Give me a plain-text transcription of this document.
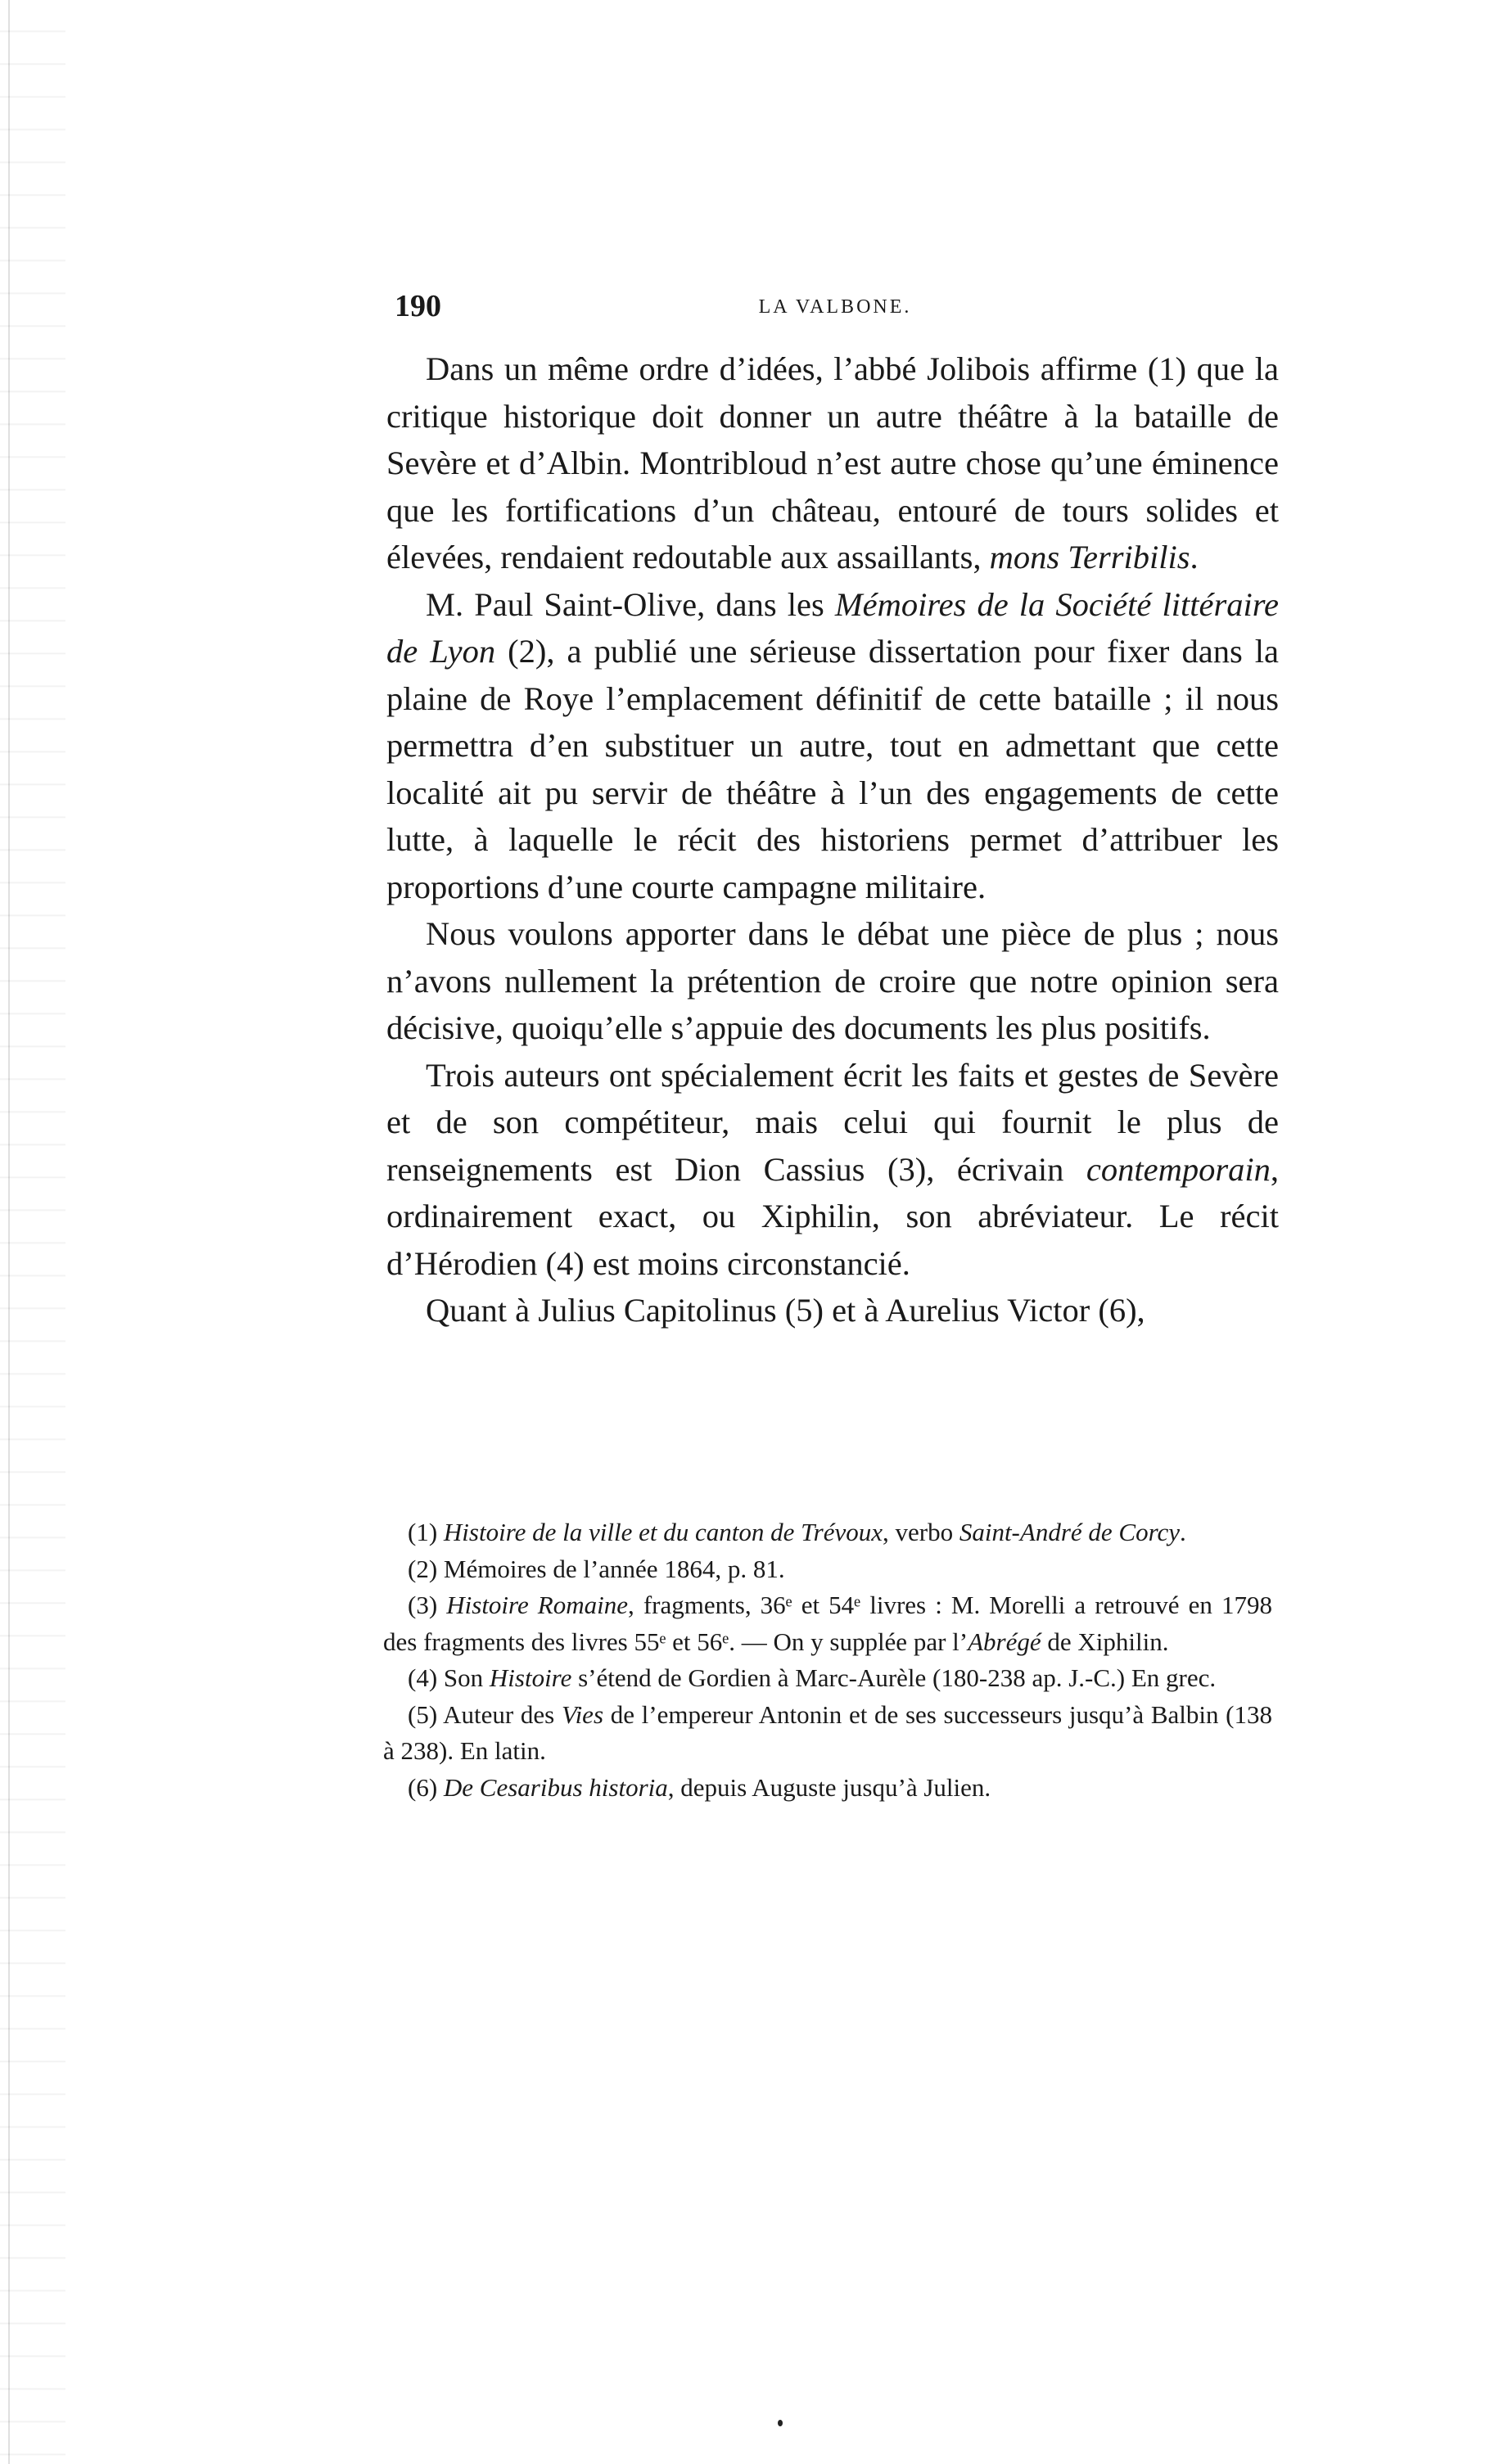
190	LA VALBONE.

Dans un même ordre d’idées, l’abbé Jolibois affirme (1) que la critique historique doit donner un autre théâtre à la bataille de Sevère et d’Albin. Montribloud n’est autre chose qu’une éminence que les fortifications d’un château, entouré de tours solides et élevées, rendaient redoutable aux assaillants, mons Terribilis.

M. Paul Saint-Olive, dans les Mémoires de la Société littéraire de Lyon (2), a publié une sérieuse dissertation pour fixer dans la plaine de Roye l’emplacement définitif de cette bataille ; il nous permettra d’en substituer un autre, tout en admettant que cette localité ait pu servir de théâtre à l’un des engagements de cette lutte, à laquelle le récit des historiens permet d’attribuer les proportions d’une courte campagne militaire.

Nous voulons apporter dans le débat une pièce de plus ; nous n’avons nullement la prétention de croire que notre opinion sera décisive, quoiqu’elle s’appuie des documents les plus positifs.

Trois auteurs ont spécialement écrit les faits et gestes de Sevère et de son compétiteur, mais celui qui fournit le plus de renseignements est Dion Cassius (3), écrivain contemporain, ordinairement exact, ou Xiphilin, son abréviateur. Le récit d’Hérodien (4) est moins circonstancié.

Quant à Julius Capitolinus (5) et à Aurelius Victor (6),

(1) Histoire de la ville et du canton de Trévoux, verbo Saint-André de Corcy.

(2) Mémoires de l’année 1864, p. 81.

(3) Histoire Romaine, fragments, 36ᵉ et 54ᵉ livres : M. Morelli a retrouvé en 1798 des fragments des livres 55ᵉ et 56ᵉ. — On y supplée par l’Abrégé de Xiphilin.

(4) Son Histoire s’étend de Gordien à Marc-Aurèle (180-238 ap. J.-C.) En grec.

(5) Auteur des Vies de l’empereur Antonin et de ses successeurs jusqu’à Balbin (138 à 238). En latin.

(6) De Cesaribus historia, depuis Auguste jusqu’à Julien.
